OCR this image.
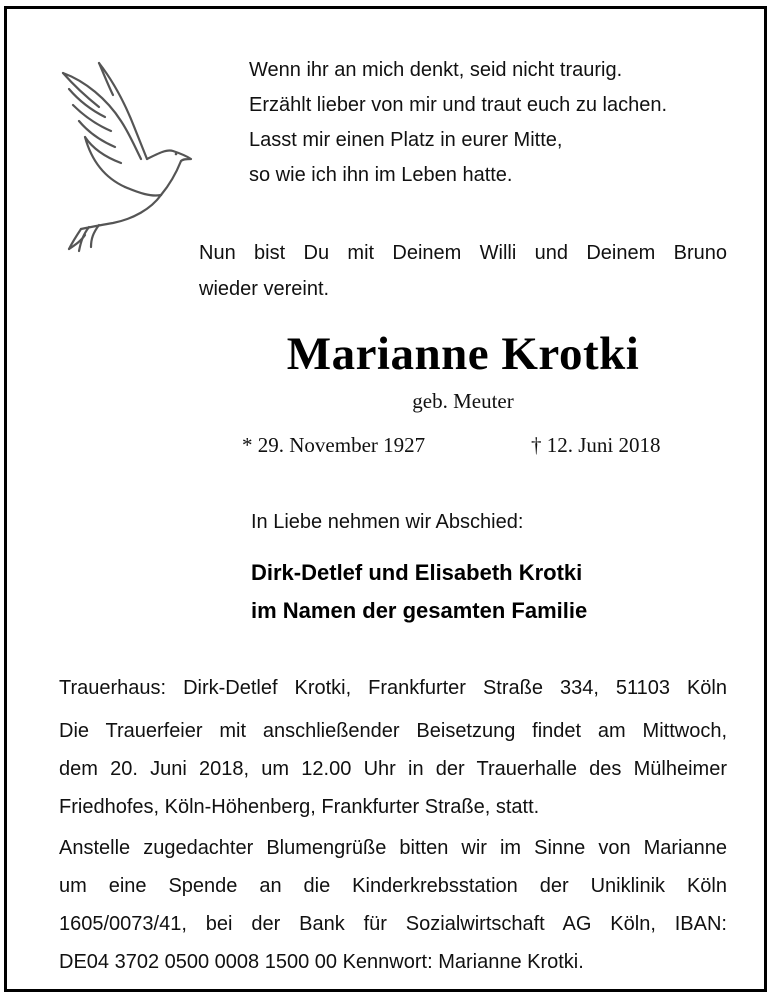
Wenn ihr an mich denkt, seid nicht traurig.
Erzählt lieber von mir und traut euch zu lachen.
Lasst mir einen Platz in eurer Mitte,
so wie ich ihn im Leben hatte.
Nun bist Du mit Deinem Willi und Deinem Bruno
wieder vereint.
Marianne Krotki
geb. Meuter
* 29. November 1927	† 12. Juni 2018
In Liebe nehmen wir Abschied:
Dirk-Detlef und Elisabeth Krotki
im Namen der gesamten Familie
Trauerhaus: Dirk-Detlef Krotki, Frankfurter Straße 334, 51103 Köln
Die Trauerfeier mit anschließender Beisetzung findet am Mittwoch,
dem 20. Juni 2018, um 12.00 Uhr in der Trauerhalle des Mülheimer
Friedhofes, Köln-Höhenberg, Frankfurter Straße, statt.
Anstelle zugedachter Blumengrüße bitten wir im Sinne von Marianne
um eine Spende an die Kinderkrebsstation der Uniklinik Köln
1605/0073/41, bei der Bank für Sozialwirtschaft AG Köln, IBAN:
DE04 3702 0500 0008 1500 00 Kennwort: Marianne Krotki.
